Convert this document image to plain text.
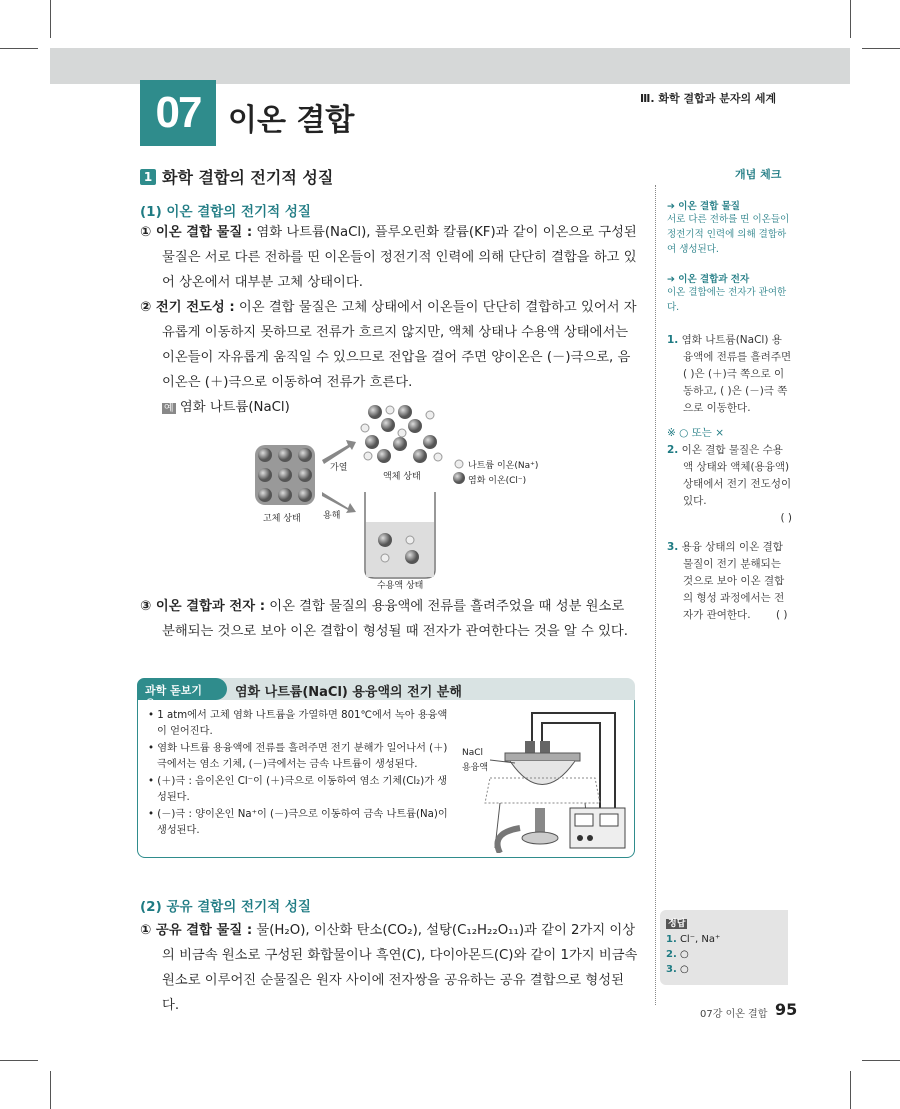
07 이온 결합
Ⅲ. 화학 결합과 분자의 세계
1 화학 결합의 전기적 성질
(1) 이온 결합의 전기적 성질
① 이온 결합 물질 : 염화 나트륨(NaCl), 플루오린화 칼륨(KF)과 같이 이온으로 구성된 물질은 서로 다른 전하를 띤 이온들이 정전기적 인력에 의해 단단히 결합을 하고 있어 상온에서 대부분 고체 상태이다.
② 전기 전도성 : 이온 결합 물질은 고체 상태에서 이온들이 단단히 결합하고 있어서 자유롭게 이동하지 못하므로 전류가 흐르지 않지만, 액체 상태나 수용액 상태에서는 이온들이 자유롭게 움직일 수 있으므로 전압을 걸어 주면 양이온은 (－)극으로, 음이온은 (＋)극으로 이동하여 전류가 흐른다.
예 염화 나트륨(NaCl)
고체 상태
가열
액체 상태
용해
수용액 상태
나트륨 이온(Na⁺)
염화 이온(Cl⁻)
③ 이온 결합과 전자 : 이온 결합 물질의 용융액에 전류를 흘려주었을 때 성분 원소로 분해되는 것으로 보아 이온 결합이 형성될 때 전자가 관여한다는 것을 알 수 있다.
과학 돋보기 🔍︎
염화 나트륨(NaCl) 용융액의 전기 분해
• 1 atm에서 고체 염화 나트륨을 가열하면 801℃에서 녹아 용융액이 얻어진다.
• 염화 나트륨 용융액에 전류를 흘려주면 전기 분해가 일어나서 (＋)극에서는 염소 기체, (－)극에서는 금속 나트륨이 생성된다.
• (＋)극 : 음이온인 Cl⁻이 (＋)극으로 이동하여 염소 기체(Cl₂)가 생성된다.
• (－)극 : 양이온인 Na⁺이 (－)극으로 이동하여 금속 나트륨(Na)이 생성된다.
NaCl
용융액
(2) 공유 결합의 전기적 성질
① 공유 결합 물질 : 물(H₂O), 이산화 탄소(CO₂), 설탕(C₁₂H₂₂O₁₁)과 같이 2가지 이상의 비금속 원소로 구성된 화합물이나 흑연(C), 다이아몬드(C)와 같이 1가지 비금속 원소로 이루어진 순물질은 원자 사이에 전자쌍을 공유하는 공유 결합으로 형성된다.
개념 체크
➔ 이온 결합 물질
서로 다른 전하를 띤 이온들이 정전기적 인력에 의해 결합하여 생성된다.
➔ 이온 결합과 전자
이온 결합에는 전자가 관여한다.
1. 염화 나트륨(NaCl) 용융액에 전류를 흘려주면 ( )은 (＋)극 쪽으로 이동하고, ( )은 (－)극 쪽으로 이동한다.
※ ○ 또는 ×
2. 이온 결합 물질은 수용액 상태와 액체(용융액) 상태에서 전기 전도성이 있다.
( )
3. 용융 상태의 이온 결합 물질이 전기 분해되는 것으로 보아 이온 결합의 형성 과정에서는 전자가 관여한다. ( )
정답
1. Cl⁻, Na⁺
2. ○
3. ○
07강 이온 결합 95
